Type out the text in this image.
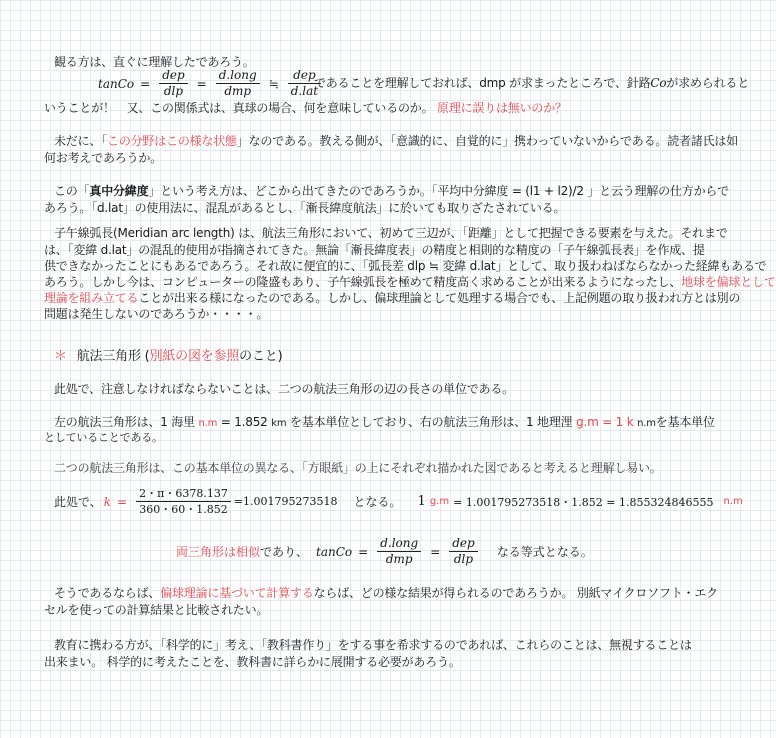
観る方は、直ぐに理解したであろう。
tanCo = $\frac{\text{dep}}{\text{dlp}} = \frac{\text{d.long}}{\text{dmp}}$ ≒ $\frac{\text{dep}}{\text{d.lat}}$
であることを理解しておれば、dmp が求まったところで、針路Coが求められると
いうことが！　又、この関係式は、真球の場合、何を意味しているのか。 原理に誤りは無いのか？
未だに、「この分野はこの様な状態」なのである。教える側が、「意識的に、自覚的に」携わっていないからである。読者諸氏は如
何お考えであろうか。
この「真中分緯度」という考え方は、どこから出てきたのであろうか。「平均中分緯度 = (l1 + l2)/2 」と云う理解の仕方からで
あろう。「d.lat」の使用法に、混乱があるとし、「漸長緯度航法」に於いても取りざたされている。
子午線弧長(Meridian arc length) は、航法三角形において、初めて三辺が、「距離」として把握できる要素を与えた。それまで
は、「変緯 d.lat」の混乱的使用が指摘されてきた。無論「漸長緯度表」の精度と相則的な精度の「子午線弧長表」を作成、提
供できなかったことにもあるであろう。それ故に便宜的に、「弧長差 dlp ≒ 変緯 d.lat」として、取り扱わねばならなかった経緯もあるで
あろう。しかし今は、コンピューターの隆盛もあり、子午線弧長を極めて精度高く求めることが出来るようになったし、地球を偏球として
理論を組み立てることが出来る様になったのである。しかし、偏球理論として処理する場合でも、上記例題の取り扱われ方とは別の
問題は発生しないのであろうか・・・・。
＊ 航法三角形 (別紙の図を参照のこと)
此処で、注意しなければならないことは、二つの航法三角形の辺の長さの単位である。
左の航法三角形は、1 海里 n.m = 1.852 km を基本単位としており、右の航法三角形は、1 地理浬 g.m = 1 k n.mを基本単位
としていることである。
二つの航法三角形は、この基本単位の異なる、「方眼紙」の上にそれぞれ描かれた図であると考えると理解し易い。
此処で、 $k = \frac{2・\pi・6378.137}{360・60・1.852} =1.001795273518$ となる。 1 g.m = 1.001795273518・1.852 = 1.855324846555 n.m
両三角形は相似 であり、 tanCo = $\frac{\text{d.long}}{\text{dmp}} = \frac{\text{dep}}{\text{dlp}}$ なる等式となる。
そうであるならば、偏球理論に基づいて計算するならば、どの様な結果が得られるのであろうか。 別紙マイクロソフト・エク
セルを使っての計算結果と比較されたい。
教育に携わる方が、「科学的に」考え、「教科書作り」をする事を希求するのであれば、これらのことは、無視することは
出来まい。 科学的に考えたことを、教科書に詳らかに展開する必要があろう。
